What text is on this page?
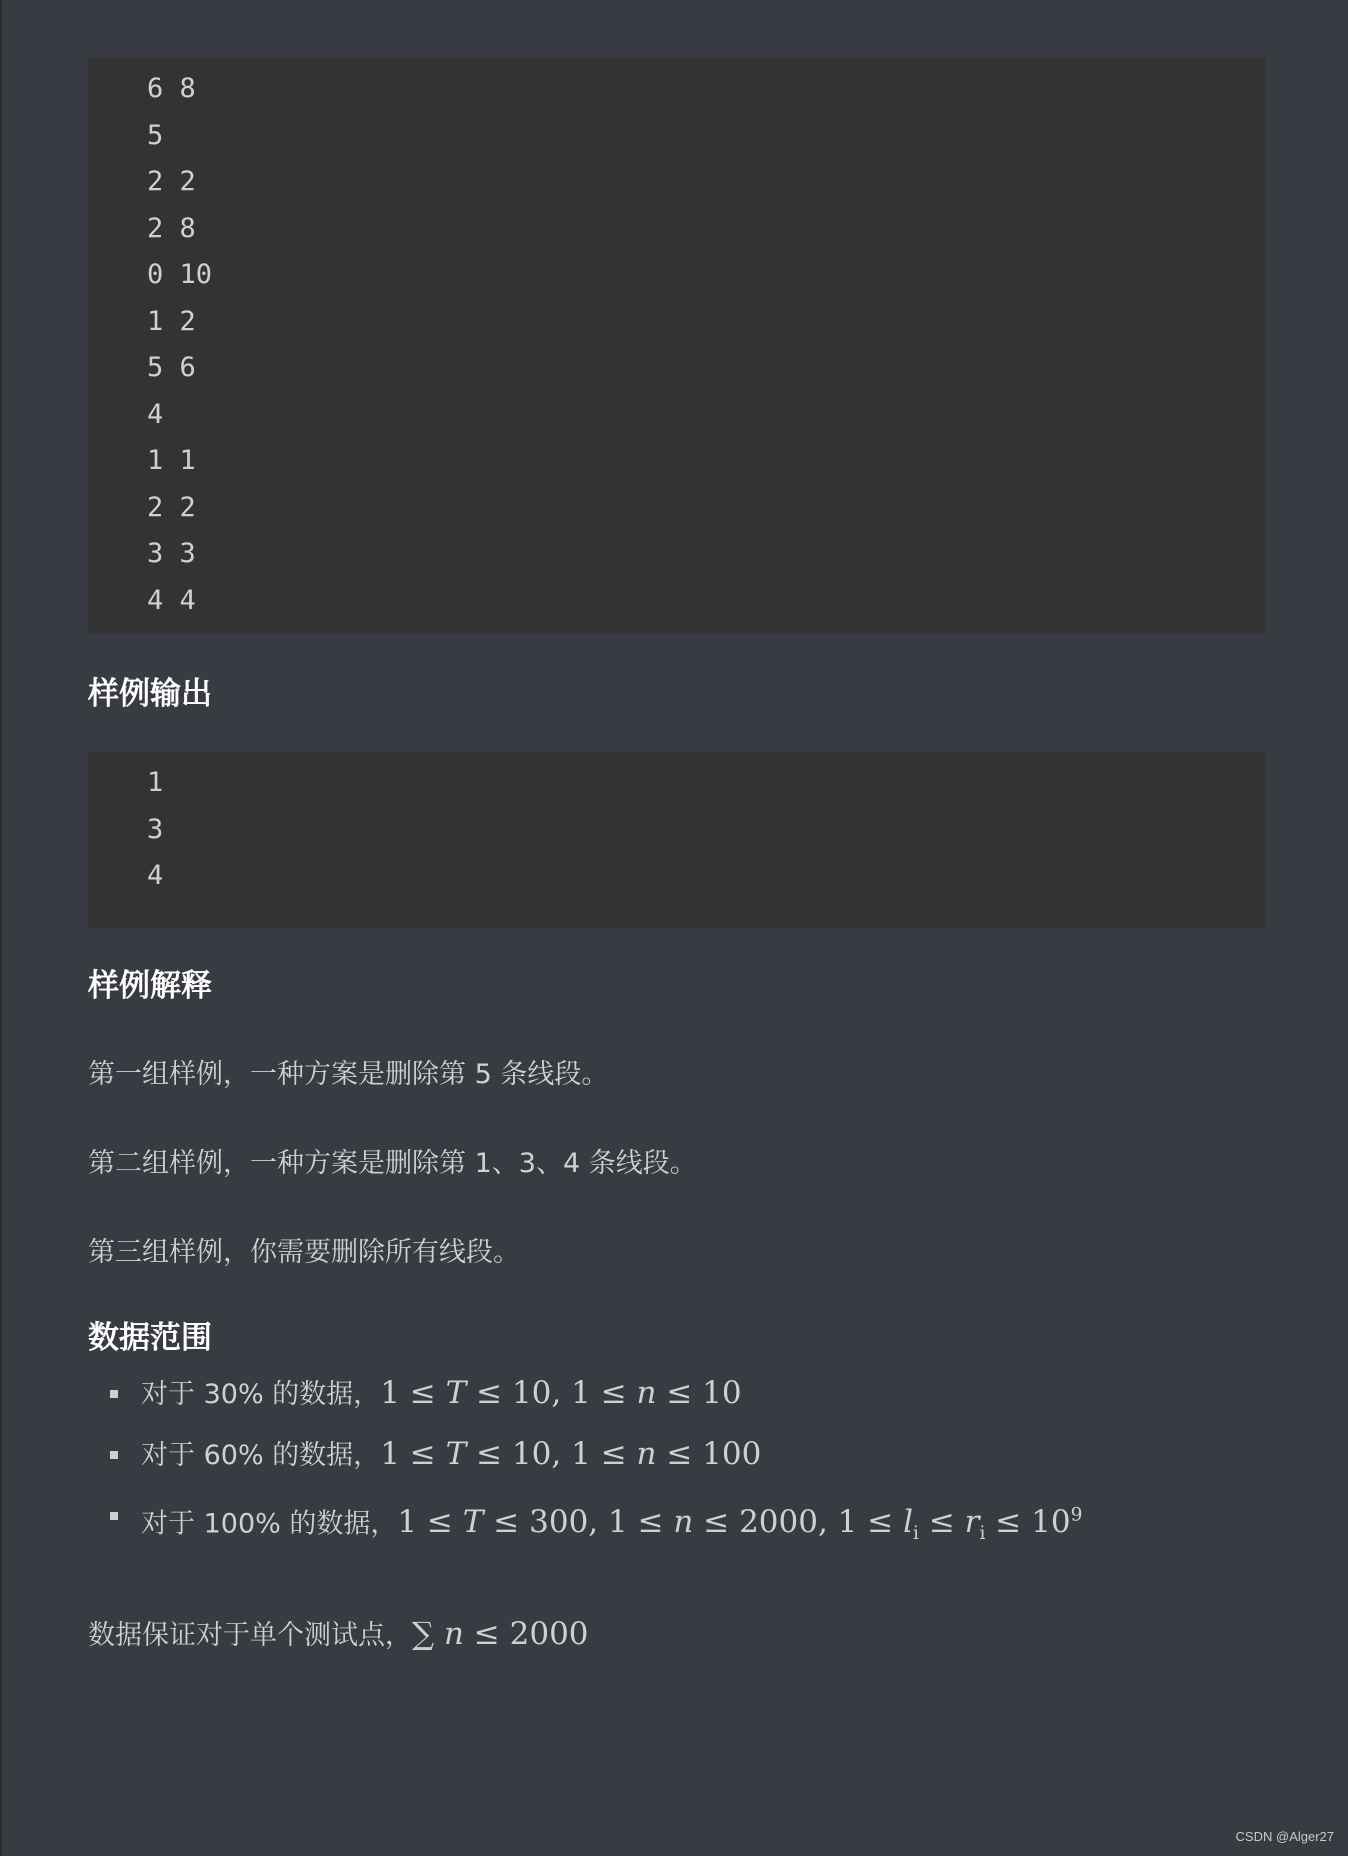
6 8
5
2 2
2 8
0 10
1 2
5 6
4
1 1
2 2
3 3
4 4
样例输出
1
3
4
样例解释
第一组样例，一种方案是删除第 5 条线段。
第二组样例，一种方案是删除第 1、3、4 条线段。
第三组样例，你需要删除所有线段。
数据范围
对于 30% 的数据，1 ≤ T ≤ 10, 1 ≤ n ≤ 10
对于 60% 的数据，1 ≤ T ≤ 10, 1 ≤ n ≤ 100
对于 100% 的数据，1 ≤ T ≤ 300, 1 ≤ n ≤ 2000, $1 \le l_i \le r_i \le 10^9$
数据保证对于单个测试点，∑ n ≤ 2000
CSDN @Alger27
